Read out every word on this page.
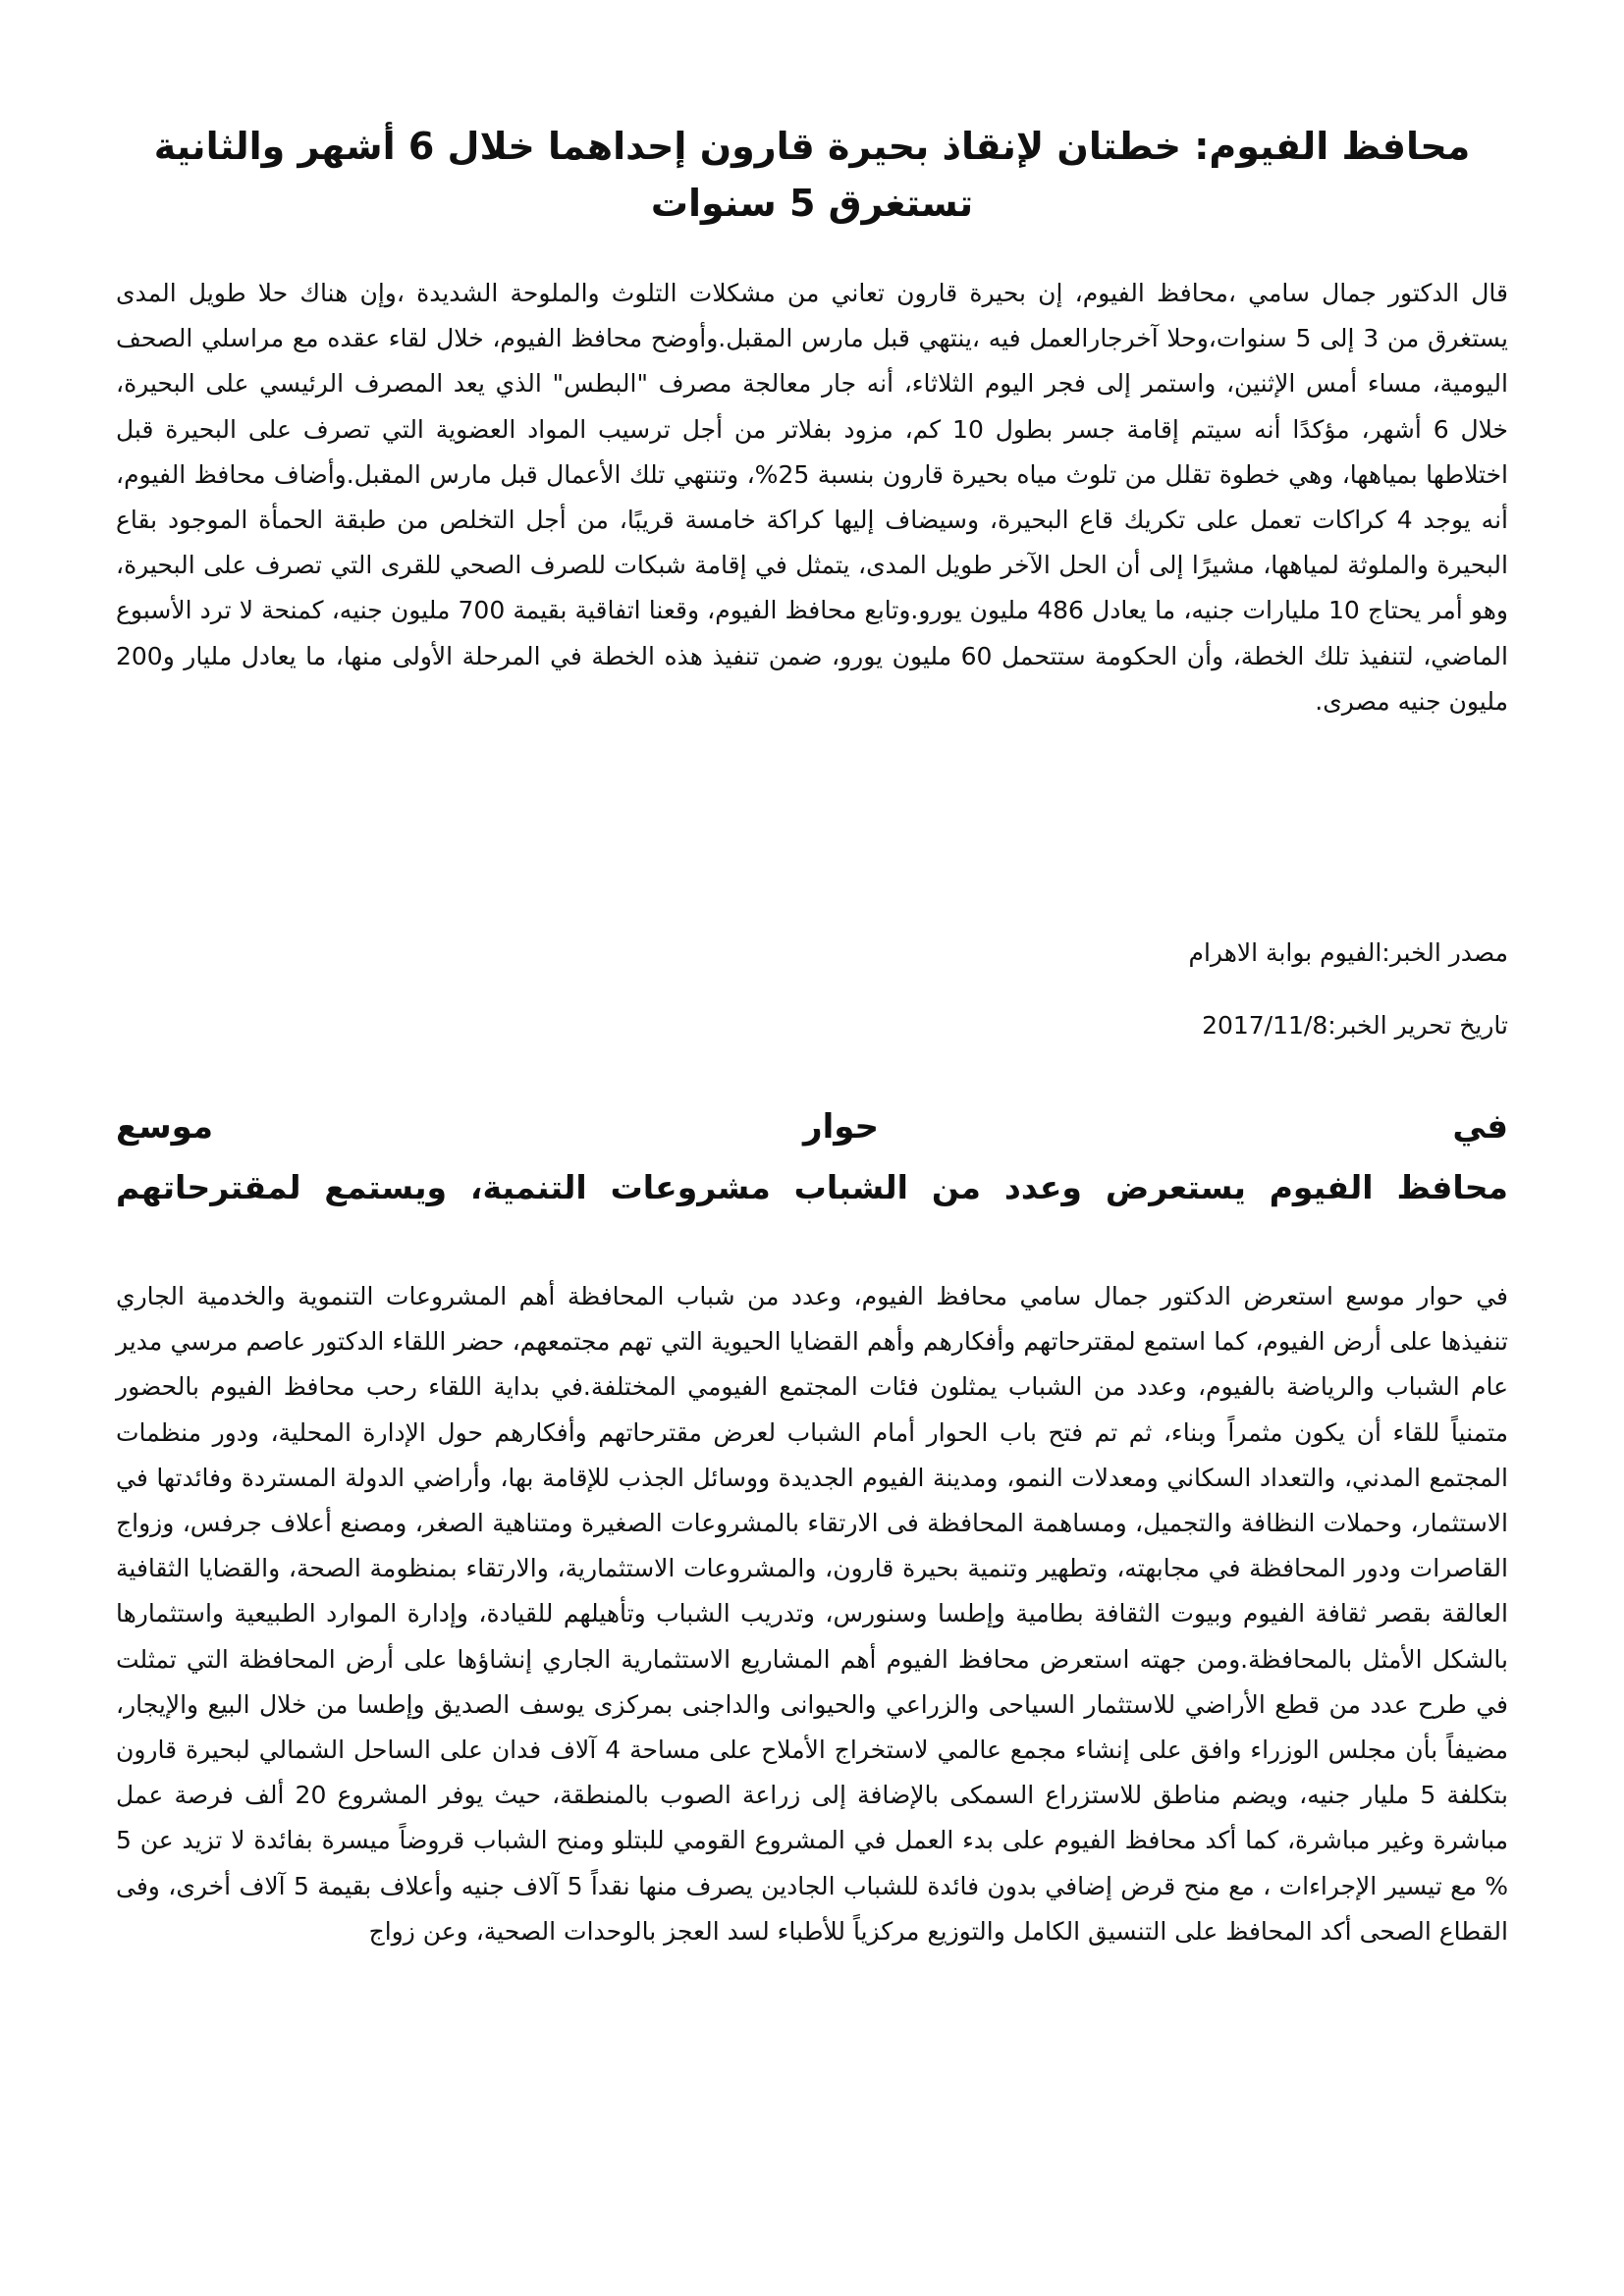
محافظ الفيوم: خطتان لإنقاذ بحيرة قارون إحداهما خلال 6 أشهر والثانية تستغرق 5 سنوات

قال الدكتور جمال سامي ،محافظ الفيوم، إن بحيرة قارون تعاني من مشكلات التلوث والملوحة الشديدة ،وإن هناك حلا طويل المدى يستغرق من 3 إلى 5 سنوات،وحلا آخرجارالعمل فيه ،ينتهي قبل مارس المقبل.وأوضح محافظ الفيوم، خلال لقاء عقده مع مراسلي الصحف اليومية، مساء أمس الإثنين، واستمر إلى فجر اليوم الثلاثاء، أنه جار معالجة مصرف "البطس" الذي يعد المصرف الرئيسي على البحيرة، خلال 6 أشهر، مؤكدًا أنه سيتم إقامة جسر بطول 10 كم، مزود بفلاتر من أجل ترسيب المواد العضوية التي تصرف على البحيرة قبل اختلاطها بمياهها، وهي خطوة تقلل من تلوث مياه بحيرة قارون بنسبة 25%، وتنتهي تلك الأعمال قبل مارس المقبل.وأضاف محافظ الفيوم، أنه يوجد 4 كراكات تعمل على تكريك قاع البحيرة، وسيضاف إليها كراكة خامسة قريبًا، من أجل التخلص من طبقة الحمأة الموجود بقاع البحيرة والملوثة لمياهها، مشيرًا إلى أن الحل الآخر طويل المدى، يتمثل في إقامة شبكات للصرف الصحي للقرى التي تصرف على البحيرة، وهو أمر يحتاج 10 مليارات جنيه، ما يعادل 486 مليون يورو.وتابع محافظ الفيوم، وقعنا اتفاقية بقيمة 700 مليون جنيه، كمنحة لا ترد الأسبوع الماضي، لتنفيذ تلك الخطة، وأن الحكومة ستتحمل 60 مليون يورو، ضمن تنفيذ هذه الخطة في المرحلة الأولى منها، ما يعادل مليار و200 مليون جنيه مصرى.

مصدر الخبر:الفيوم بوابة الاهرام
تاريخ تحرير الخبر:2017/11/8
في
حوار
موسع
محافظ الفيوم يستعرض وعدد من الشباب مشروعات التنمية، ويستمع لمقترحاتهم

في حوار موسع استعرض الدكتور جمال سامي محافظ الفيوم، وعدد من شباب المحافظة أهم المشروعات التنموية والخدمية الجاري تنفيذها على أرض الفيوم، كما استمع لمقترحاتهم وأفكارهم وأهم القضايا الحيوية التي تهم مجتمعهم، حضر اللقاء الدكتور عاصم مرسي مدير عام الشباب والرياضة بالفيوم، وعدد من الشباب يمثلون فئات المجتمع الفيومي المختلفة.في بداية اللقاء رحب محافظ الفيوم بالحضور متمنياً للقاء أن يكون مثمراً وبناء، ثم تم فتح باب الحوار أمام الشباب لعرض مقترحاتهم وأفكارهم حول الإدارة المحلية، ودور منظمات المجتمع المدني، والتعداد السكاني ومعدلات النمو، ومدينة الفيوم الجديدة ووسائل الجذب للإقامة بها، وأراضي الدولة المستردة وفائدتها في الاستثمار، وحملات النظافة والتجميل، ومساهمة المحافظة فى الارتقاء بالمشروعات الصغيرة ومتناهية الصغر، ومصنع أعلاف جرفس، وزواج القاصرات ودور المحافظة في مجابهته، وتطهير وتنمية بحيرة قارون، والمشروعات الاستثمارية، والارتقاء بمنظومة الصحة، والقضايا الثقافية العالقة بقصر ثقافة الفيوم وبيوت الثقافة بطامية وإطسا وسنورس، وتدريب الشباب وتأهيلهم للقيادة، وإدارة الموارد الطبيعية واستثمارها بالشكل الأمثل بالمحافظة.ومن جهته استعرض محافظ الفيوم أهم المشاريع الاستثمارية الجاري إنشاؤها على أرض المحافظة التي تمثلت في طرح عدد من قطع الأراضي للاستثمار السياحى والزراعي والحيوانى والداجنى بمركزى يوسف الصديق وإطسا من خلال البيع والإيجار، مضيفاً بأن مجلس الوزراء وافق على إنشاء مجمع عالمي لاستخراج الأملاح على مساحة 4 آلاف فدان على الساحل الشمالي لبحيرة قارون بتكلفة 5 مليار جنيه، ويضم مناطق للاستزراع السمكى بالإضافة إلى زراعة الصوب بالمنطقة، حيث يوفر المشروع 20 ألف فرصة عمل مباشرة وغير مباشرة، كما أكد محافظ الفيوم على بدء العمل في المشروع القومي للبتلو ومنح الشباب قروضاً ميسرة بفائدة لا تزيد عن 5 % مع تيسير الإجراءات ، مع منح قرض إضافي بدون فائدة للشباب الجادين يصرف منها نقداً 5 آلاف جنيه وأعلاف بقيمة 5 آلاف أخرى، وفى القطاع الصحى أكد المحافظ على التنسيق الكامل والتوزيع مركزياً للأطباء لسد العجز بالوحدات الصحية، وعن زواج
